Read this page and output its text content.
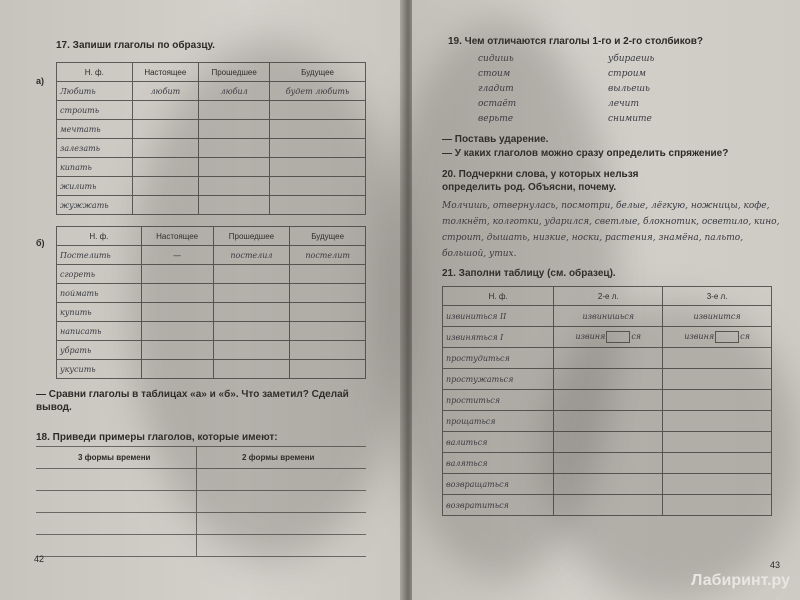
17. Запиши глаголы по образцу.
а)
Н. ф.	Настоящее	Прошедшее	Будущее
Любить	любит	любил	будет любить
строить			
мечтать			
залезать			
кипать			
жилить			
жужжать			
б)
Н. ф.	Настоящее	Прошедшее	Будущее
Постелить	—	постелил	постелит
сгореть			
поймать			
купить			
написать			
убрать			
укусить			
— Сравни глаголы в таблицах «а» и «б». Что заметил? Сделай вывод.
18. Приведи примеры глаголов, которые имеют:
3 формы времени	2 формы времени
42
19. Чем отличаются глаголы 1-го и 2-го столбиков?
сидишь	убираешь
стоим	строим
гладит	выльешь
остаёт	лечит
верьте	снимите
— Поставь ударение.
— У каких глаголов можно сразу определить спряжение?
20. Подчеркни слова, у которых нельзя определить род. Объясни, почему.
Молчишь, отвернулась, посмотри, белые, лёгкую, ножницы, кофе, толкнёт, колготки, ударился, светлые, блокнотик, осветило, кино, строит, дышать, низкие, носки, растения, знамёна, пальто, большой, утих.
21. Заполни таблицу (см. образец).
Н. ф.	2-е л.	3-е л.
извиниться II	извинишься	извинится
извиняться I	извиня ся	извиня ся
простудиться		
простужаться		
проститься		
прощаться		
валиться		
валяться		
возвращаться		
возвратиться		
43
Лабиринт.ру
